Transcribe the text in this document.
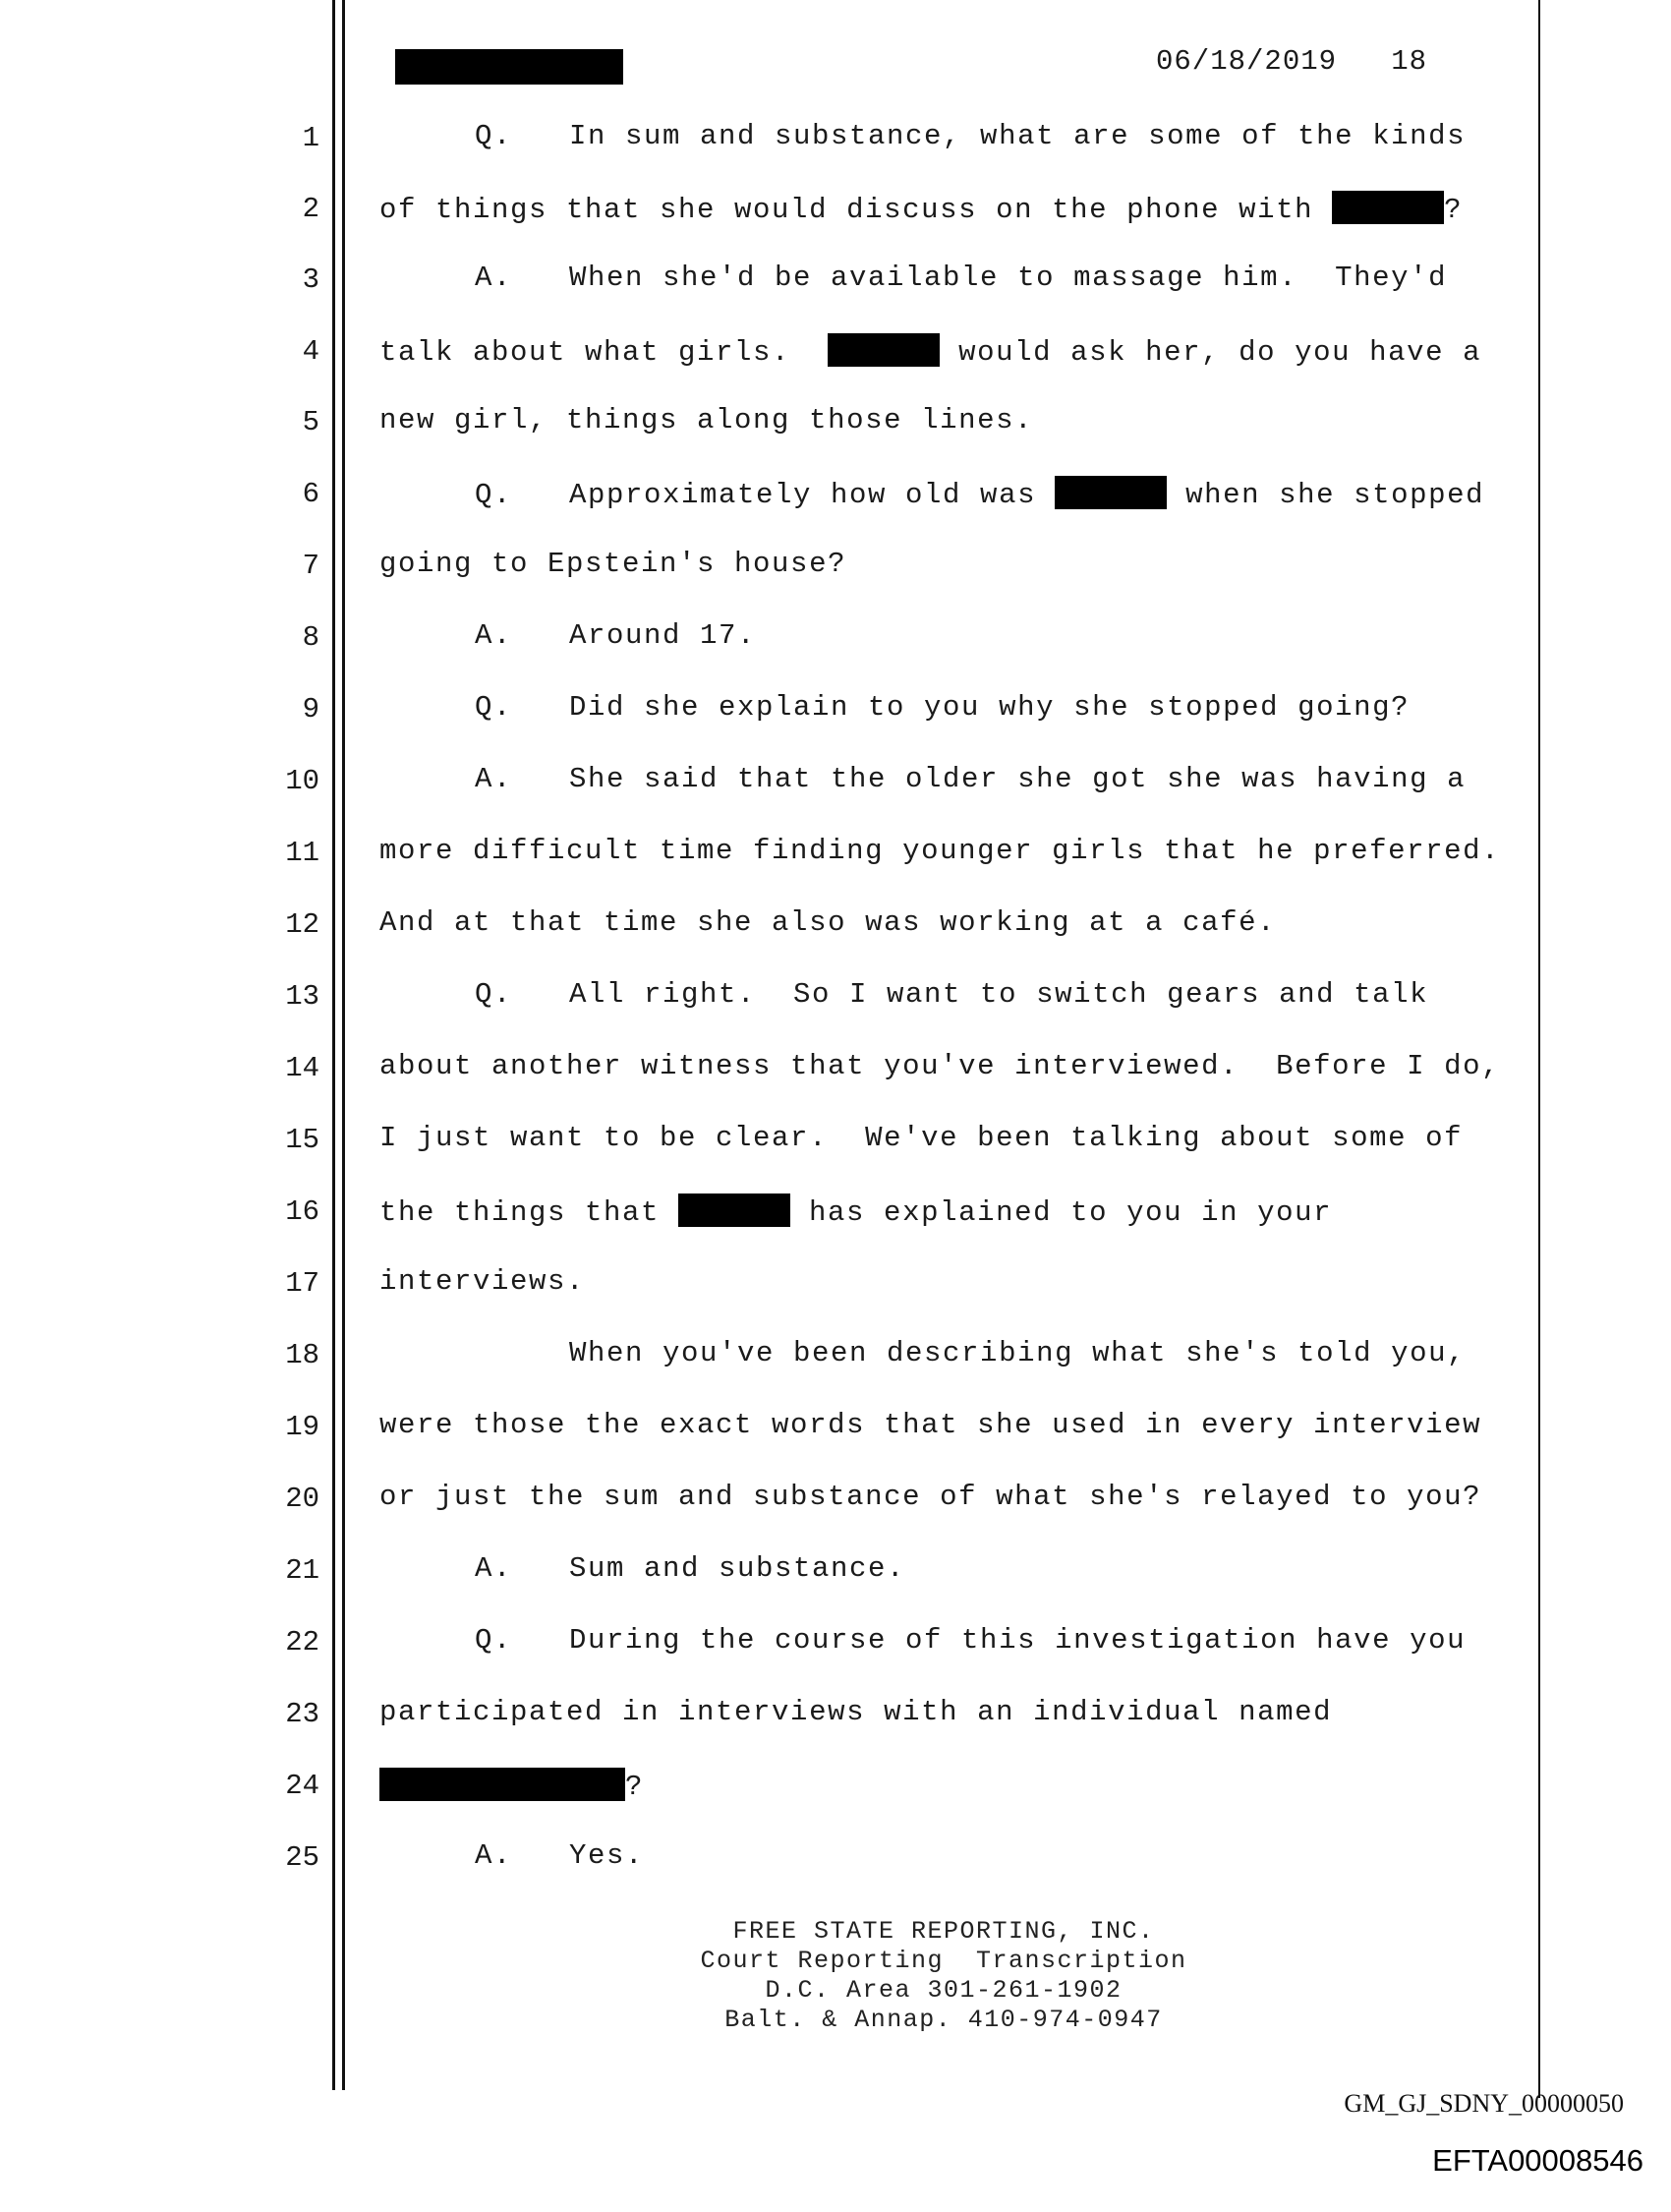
06/18/2019   18
1	Q. In sum and substance, what are some of the kinds
2 of things that she would discuss on the phone with	?
3	A. When she'd be available to massage him.  They'd
4 talk about what girls.	would ask her, do you have a
5 new girl, things along those lines.
6	Q. Approximately how old was	when she stopped
7 going to Epstein's house?
8	A. Around 17.
9	Q. Did she explain to you why she stopped going?
10	A. She said that the older she got she was having a
11 more difficult time finding younger girls that he preferred.
12 And at that time she also was working at a café.
13	Q. All right.  So I want to switch gears and talk
14 about another witness that you've interviewed.  Before I do,
15 I just want to be clear.  We've been talking about some of
16 the things that	has explained to you in your
17 interviews.
18	When you've been describing what she's told you,
19 were those the exact words that she used in every interview
20 or just the sum and substance of what she's relayed to you?
21	A. Sum and substance.
22	Q. During the course of this investigation have you
23 participated in interviews with an individual named
24	?
25	A. Yes.
FREE STATE REPORTING, INC.
Court Reporting  Transcription
D.C. Area 301-261-1902
Balt. & Annap. 410-974-0947
GM_GJ_SDNY_00000050
EFTA00008546
